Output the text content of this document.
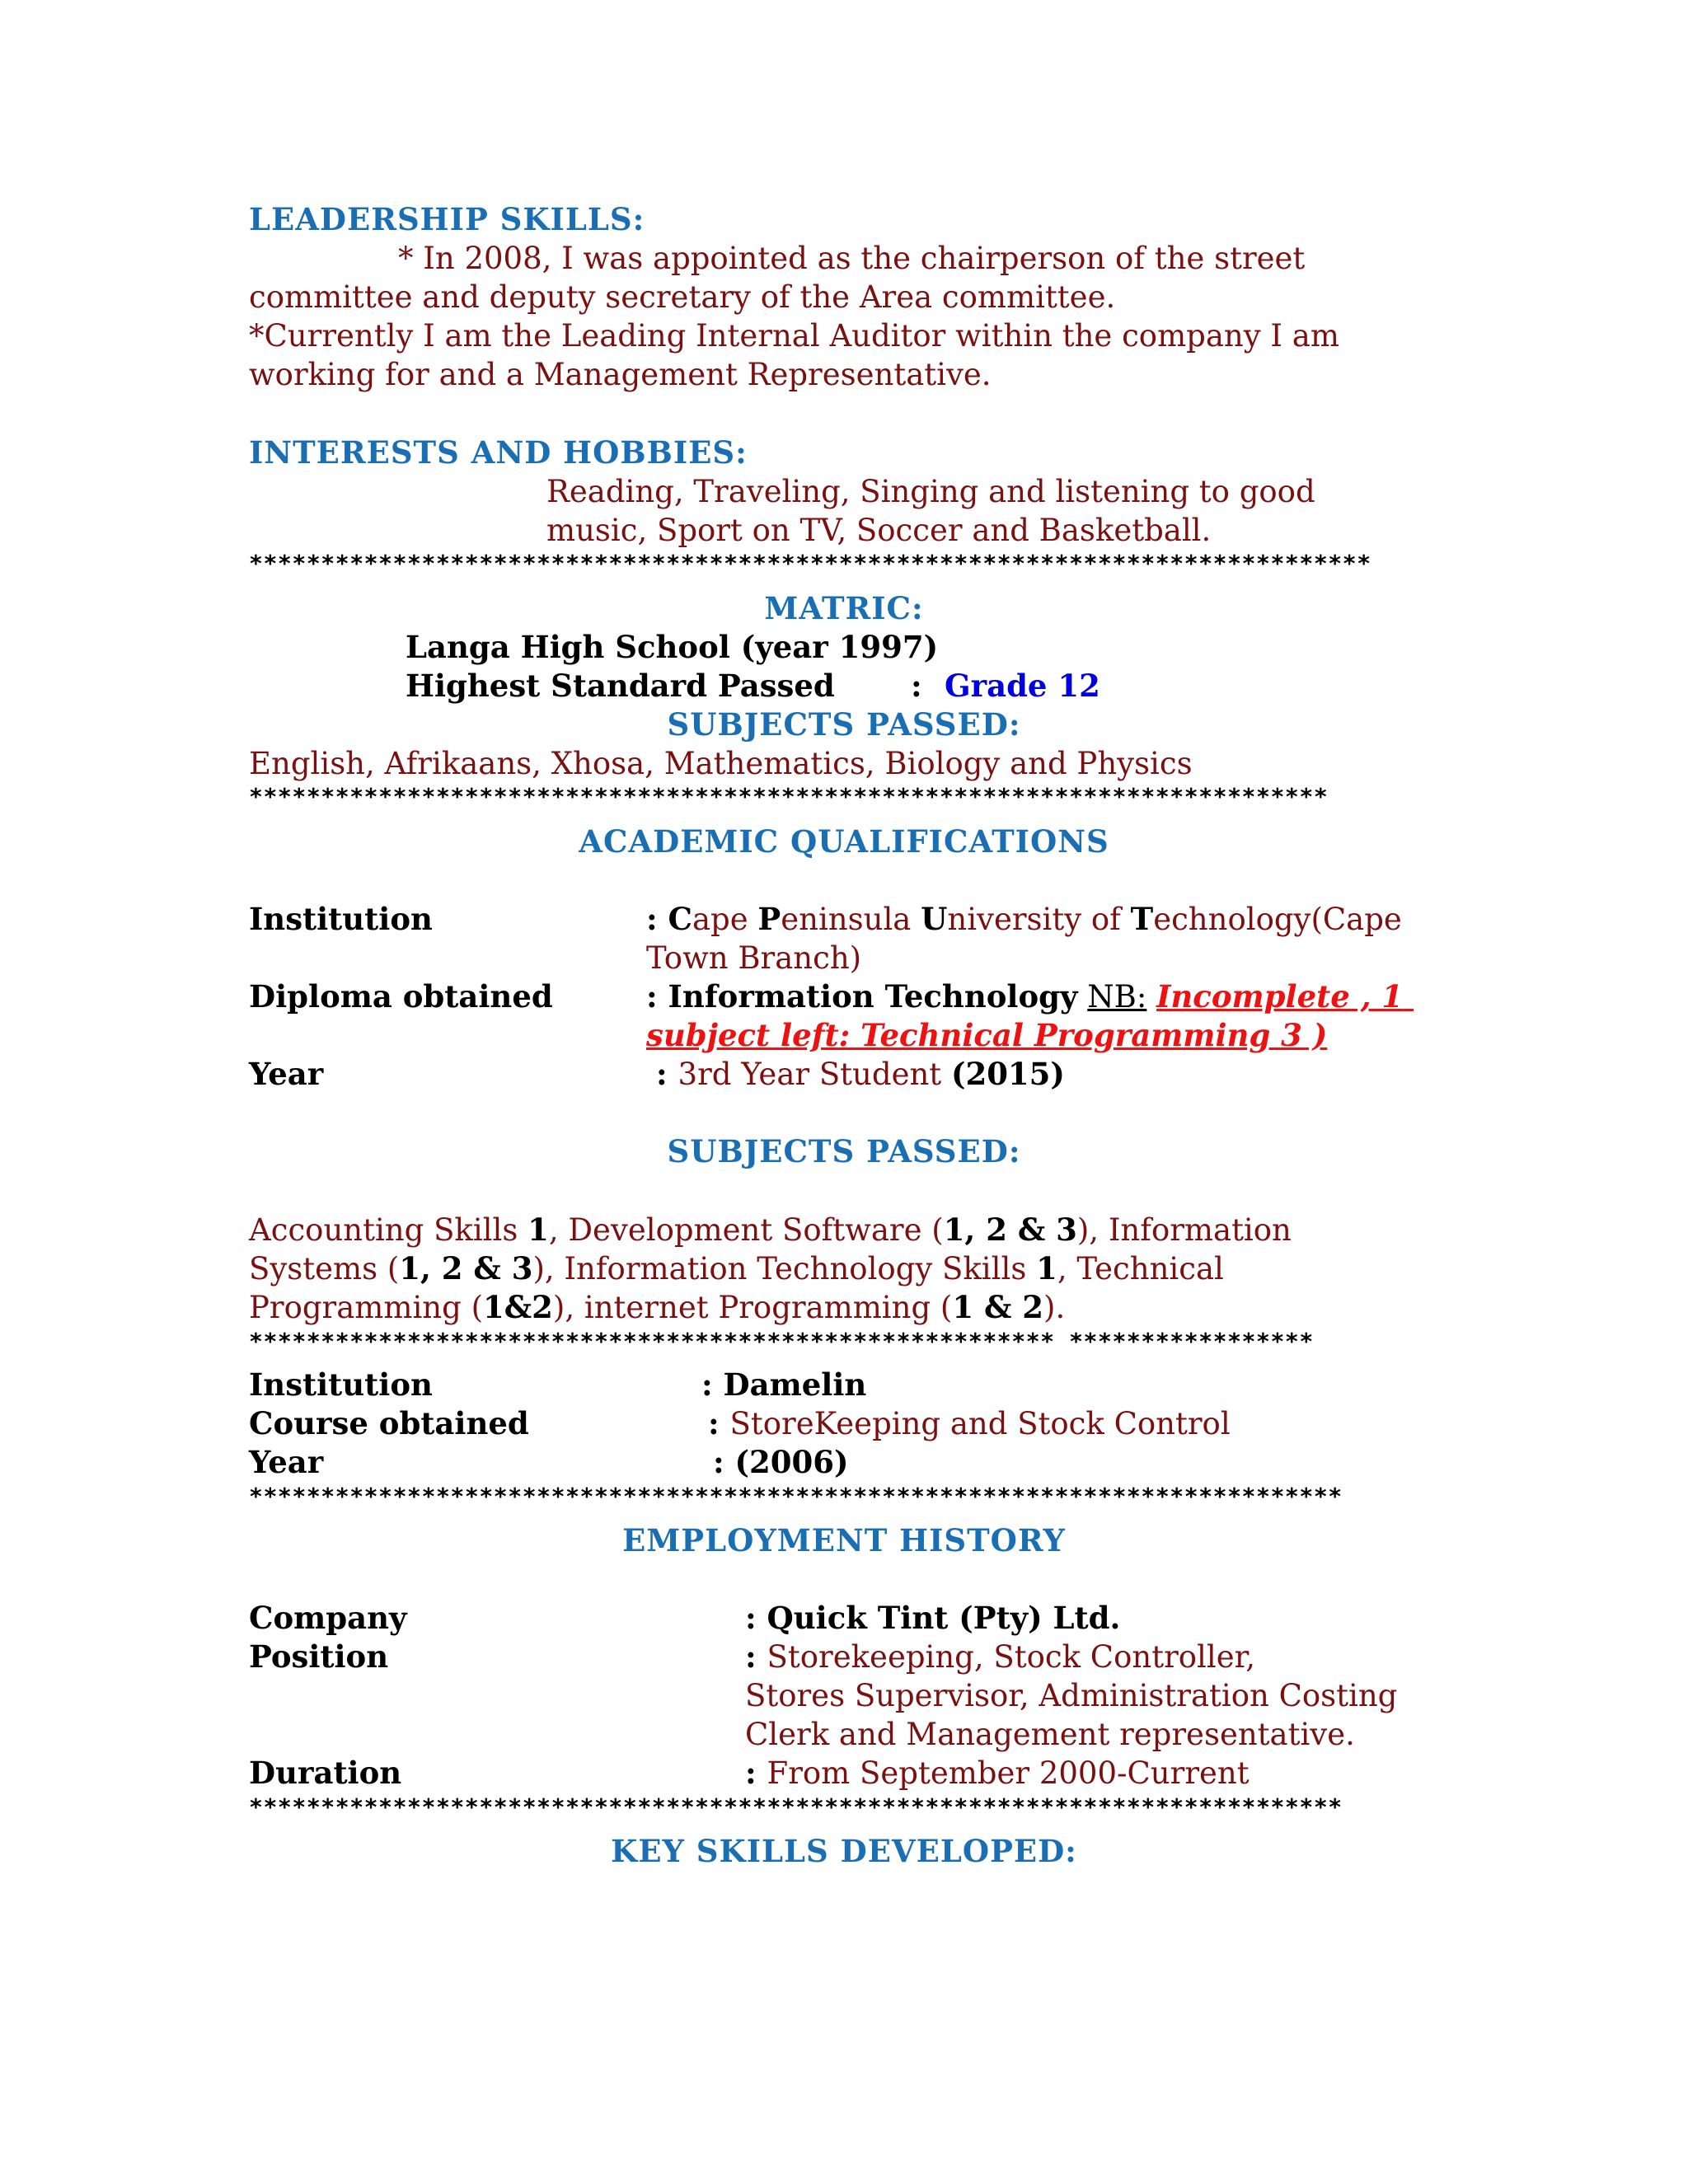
LEADERSHIP SKILLS:
* In 2008, I was appointed as the chairperson of the street
committee and deputy secretary of the Area committee.
*Currently I am the Leading Internal Auditor within the company I am
working for and a Management Representative.
INTERESTS AND HOBBIES:
Reading, Traveling, Singing and listening to good
music, Sport on TV, Soccer and Basketball.
******************************************************************************
MATRIC:
Langa High School (year 1997)
Highest Standard Passed : Grade 12
SUBJECTS PASSED:
English, Afrikaans, Xhosa, Mathematics, Biology and Physics
***************************************************************************
ACADEMIC QUALIFICATIONS
Institution	: Cape Peninsula University of Technology(Cape
Town Branch)
Diploma obtained	: Information Technology NB: Incomplete , 1
subject left: Technical Programming 3 )
Year	: 3rd Year Student (2015)
SUBJECTS PASSED:
Accounting Skills 1, Development Software (1, 2 & 3), Information
Systems (1, 2 & 3), Information Technology Skills 1, Technical
Programming (1&2), internet Programming (1 & 2).
******************************************************** *****************
Institution	: Damelin
Course obtained	: StoreKeeping and Stock Control
Year	: (2006)
****************************************************************************
EMPLOYMENT HISTORY
Company	: Quick Tint (Pty) Ltd.
Position	: Storekeeping, Stock Controller,
Stores Supervisor, Administration Costing
Clerk and Management representative.
Duration	: From September 2000-Current
****************************************************************************
KEY SKILLS DEVELOPED:
